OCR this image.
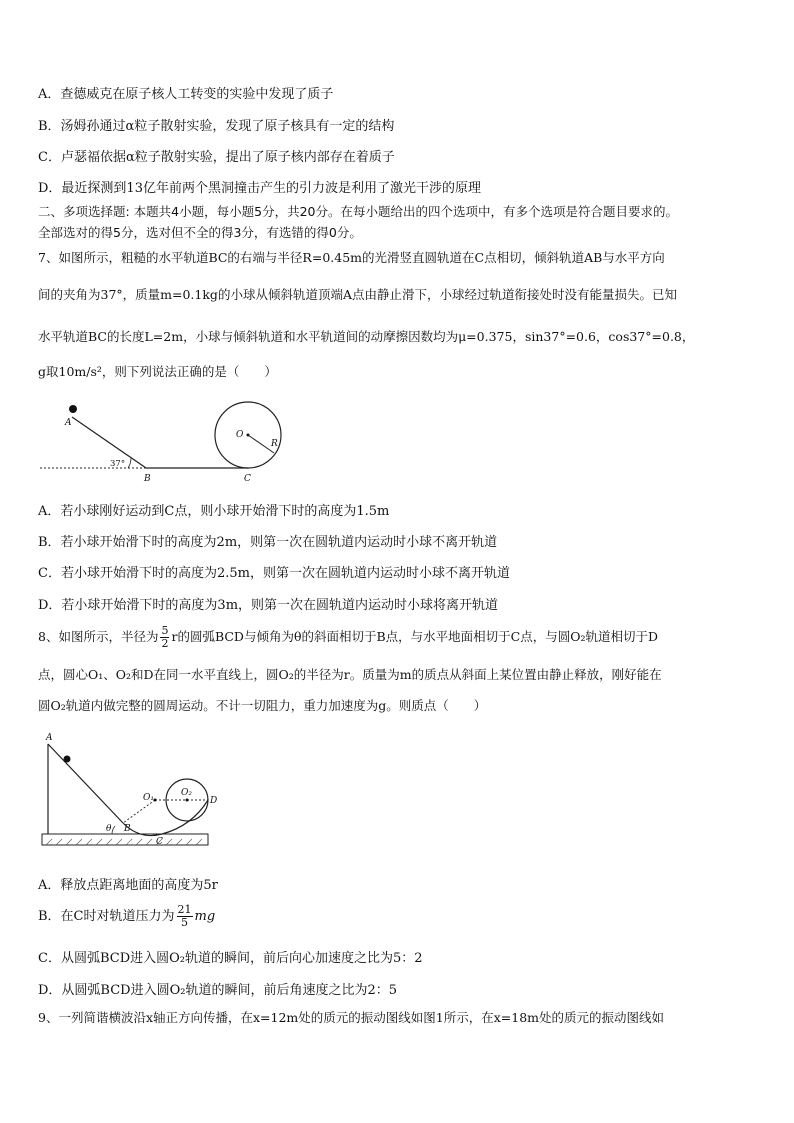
A．查德威克在原子核人工转变的实验中发现了质子
B．汤姆孙通过α粒子散射实验，发现了原子核具有一定的结构
C．卢瑟福依据α粒子散射实验，提出了原子核内部存在着质子
D．最近探测到13亿年前两个黑洞撞击产生的引力波是利用了激光干涉的原理
二、多项选择题: 本题共4小题，每小题5分，共20分。在每小题给出的四个选项中，有多个选项是符合题目要求的。
全部选对的得5分，选对但不全的得3分，有选错的得0分。
7、如图所示，粗糙的水平轨道BC的右端与半径R=0.45m的光滑竖直圆轨道在C点相切，倾斜轨道AB与水平方向
间的夹角为37°，质量m=0.1kg的小球从倾斜轨道顶端A点由静止滑下，小球经过轨道衔接处时没有能量损失。已知
水平轨道BC的长度L=2m，小球与倾斜轨道和水平轨道间的动摩擦因数均为μ=0.375，sin37°=0.6，cos37°=0.8，
g取10m/s²，则下列说法正确的是（　　）
A
B	C
O
R
37°
A．若小球刚好运动到C点，则小球开始滑下时的高度为1.5m
B．若小球开始滑下时的高度为2m，则第一次在圆轨道内运动时小球不离开轨道
C．若小球开始滑下时的高度为2.5m，则第一次在圆轨道内运动时小球不离开轨道
D．若小球开始滑下时的高度为3m，则第一次在圆轨道内运动时小球将离开轨道
8、如图所示，半径为 $\frac{5}{2}$ r的圆弧BCD与倾角为θ的斜面相切于B点，与水平地面相切于C点，与圆O₂轨道相切于D
点，圆心O₁、O₂和D在同一水平直线上，圆O₂的半径为r。质量为m的质点从斜面上某位置由静止释放，刚好能在
圆O₂轨道内做完整的圆周运动。不计一切阻力，重力加速度为g。则质点（　　）
A
B
C
D
O₁	O₂
θ
A．释放点距离地面的高度为5r
B．在C时对轨道压力为 $\frac{21}{5}$ mg
C．从圆弧BCD进入圆O₂轨道的瞬间，前后向心加速度之比为5：2
D．从圆弧BCD进入圆O₂轨道的瞬间，前后角速度之比为2：5
9、一列简谐横波沿x轴正方向传播，在x=12m处的质元的振动图线如图1所示，在x=18m处的质元的振动图线如
